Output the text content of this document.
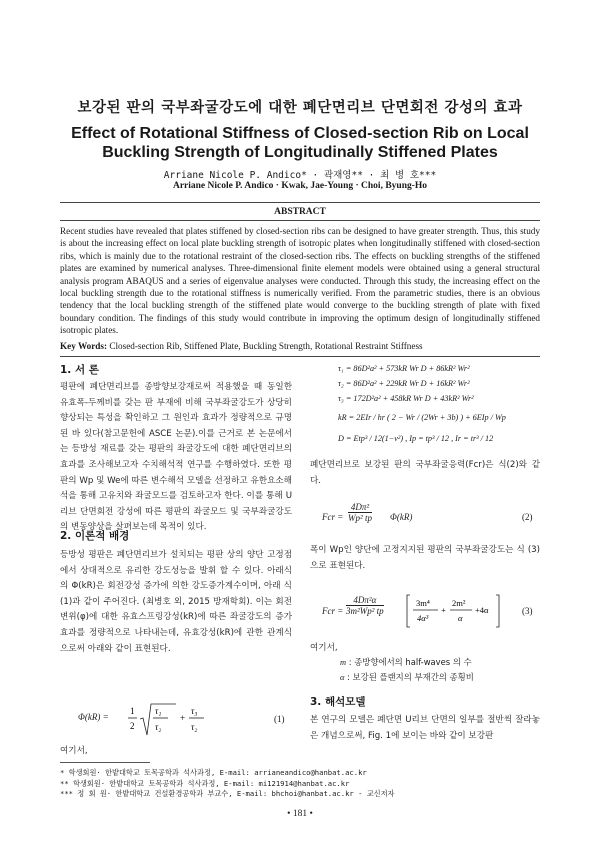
보강된 판의 국부좌굴강도에 대한 폐단면리브 단면회전 강성의 효과
Effect of Rotational Stiffness of Closed-section Rib on Local Buckling Strength of Longitudinally Stiffened Plates
Arriane Nicole P. Andico* · 곽재영** · 최 병 호***
Arriane Nicole P. Andico · Kwak, Jae-Young · Choi, Byung-Ho
ABSTRACT
Recent studies have revealed that plates stiffened by closed-section ribs can be designed to have greater strength. Thus, this study is about the increasing effect on local plate buckling strength of isotropic plates when longitudinally stiffened with closed-section ribs, which is mainly due to the rotational restraint of the closed-section ribs. The effects on buckling strengths of the stiffened plates are examined by numerical analyses. Three-dimensional finite element models were obtained using a general structural analysis program ABAQUS and a series of eigenvalue analyses were conducted. Through this study, the increasing effect on the local buckling strength due to the rotational stiffness is numerically verified. From the parametric studies, there is an obvious tendency that the local buckling strength of the stiffened plate would converge to the buckling strength of plate with fixed boundary condition. The findings of this study would contribute in improving the optimum design of longitudinally stiffened isotropic plates.
Key Words: Closed-section Rib, Stiffened Plate, Buckling Strength, Rotational Restraint Stiffness
1. 서 론
평판에 폐단면리브를 종방향보강재로써 적용했을 때 동일한 유효폭-두께비를 갖는 판 부재에 비해 국부좌굴강도가 상당히 향상되는 특성을 확인하고 그 원인과 효과가 정량적으로 규명된 바 있다(참고문헌에 ASCE 논문).이를 근거로 본 논문에서는 등방성 재료를 갖는 평판의 좌굴강도에 대한 폐단면리브의 효과를 조사해보고자 수치해석적 연구를 수행하였다. 또한 평판의 Wp 및 We에 따른 변수해석 모델을 선정하고 유한요소해석을 통해 고유치와 좌굴모드를 검토하고자 한다. 이를 통해 U리브 단면회전 강성에 따른 평판의 좌굴모드 및 국부좌굴강도의 변동양상을 살펴보는데 목적이 있다.
2. 이론적 배경
등방성 평판은 폐단면리브가 설치되는 평판 상의 양단 고정점에서 상대적으로 유리한 강도성능을 발휘 할 수 있다. 아래식의 Φ(kR)은 회전강성 증가에 의한 강도증가계수이며, 아래 식 (1)과 같이 주어진다. (최병호 외, 2015 방재학회). 이는 회전변위(φ)에 대한 유효스프링강성(kR)에 따른 좌굴강도의 증가 효과를 정량적으로 나타내는데, 유효강성(kR)에 관한 관계식으로써 아래와 같이 표현된다.
Φ(kR) =
1
2
τ₁
τ₂
+
τ₃
τ₂
(1)
여기서,
τ₁ = 86D²a² + 573kR Wr D + 86kR² Wr²
τ₂ = 86D²a² + 229kR Wr D + 16kR² Wr²
τ₃ = 172D²a² + 458kR Wr D + 43kR² Wr²
kR = 2EIr / hr ( 2 − Wr / (2Wr + 3b) ) + 6EIp / Wp
D = Etp³ / 12(1−ν²) , Ip = tp³ / 12 , Ir = tr³ / 12
폐단면리브로 보강된 판의 국부좌굴응력(Fcr)은 식(2)와 같다.
Fcr = $\frac{\text{4Dπ²}}{\text{Wp² tp}} \Phi(kR)$	(2)
폭이 Wp인 양단에 고정지지된 평판의 국부좌굴강도는 식 (3)으로 표현된다.
Fcr = $\frac{\text{4Dπ²α}}{\text{3m²Wp² tp}}$	3m⁴
4α³
+
2m²
α
+4α	(3)
여기서,
m : 종방향에서의 half-waves 의 수
α : 보강된 플랜지의 부재간의 종횡비
3. 해석모델
본 연구의 모델은 폐단면 U리브 단면의 일부를 절반씩 잘라놓은 개념으로써, Fig. 1에 보이는 바와 같이 보강판
* 학생회원· 한밭대학교 토목공학과 석사과정, E-mail: arrianeandico@hanbat.ac.kr
** 학생회원· 한밭대학교 토목공학과 석사과정, E-mail: mi121914@hanbat.ac.kr
*** 정 회 원· 한밭대학교 건설환경공학과 부교수, E-mail: bhchoi@hanbat.ac.kr - 교신저자
• 181 •
